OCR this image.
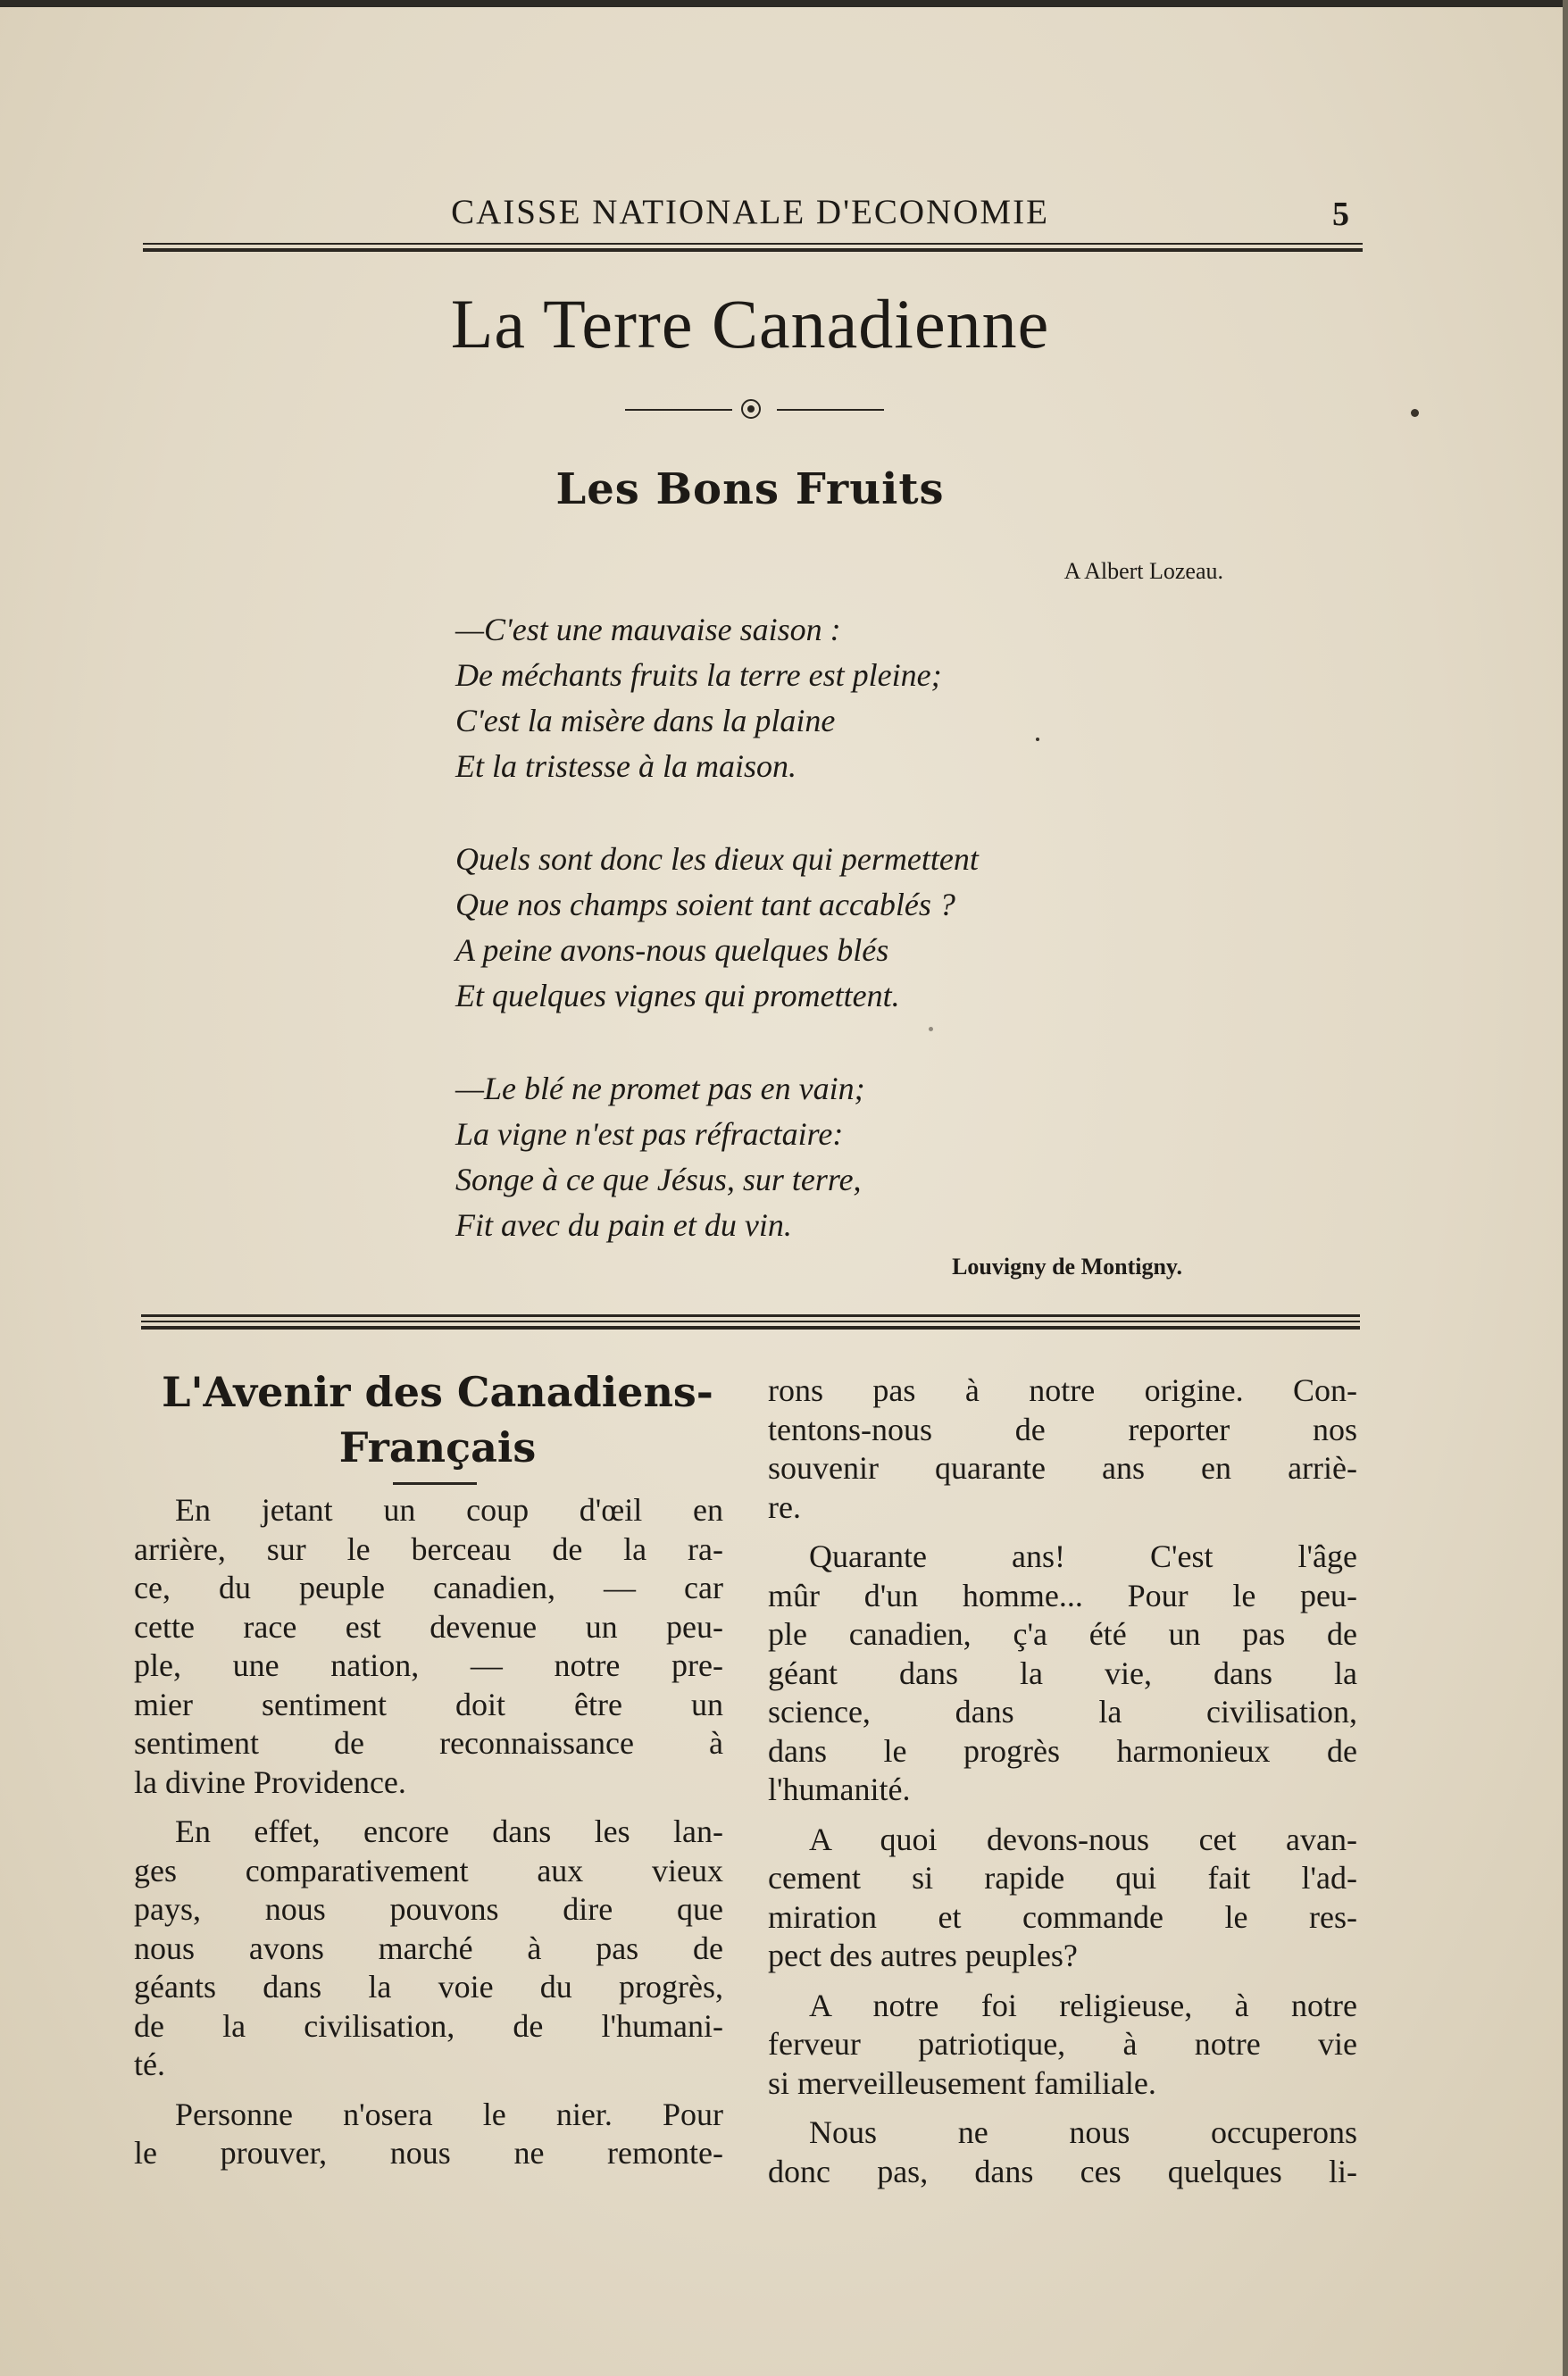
CAISSE NATIONALE D'ECONOMIE	5
La Terre Canadienne
Les Bons Fruits
A Albert Lozeau.
—C'est une mauvaise saison :
De méchants fruits la terre est pleine;
C'est la misère dans la plaine
Et la tristesse à la maison.
Quels sont donc les dieux qui permettent
Que nos champs soient tant accablés ?
A peine avons-nous quelques blés
Et quelques vignes qui promettent.
—Le blé ne promet pas en vain;
La vigne n'est pas réfractaire:
Songe à ce que Jésus, sur terre,
Fit avec du pain et du vin.
Louvigny de Montigny.
L'Avenir des Canadiens-
Français

En jetant un coup d'œil en
arrière, sur le berceau de la ra-
ce, du peuple canadien, — car
cette race est devenue un peu-
ple, une nation, — notre pre-
mier sentiment doit être un
sentiment de reconnaissance à
la divine Providence.

En effet, encore dans les lan-
ges comparativement aux vieux
pays, nous pouvons dire que
nous avons marché à pas de
géants dans la voie du progrès,
de la civilisation, de l'humani-
té.

Personne n'osera le nier. Pour
le prouver, nous ne remonte-

rons pas à notre origine. Con-
tentons-nous de reporter nos
souvenir quarante ans en arriè-
re.

Quarante ans! C'est l'âge
mûr d'un homme... Pour le peu-
ple canadien, ç'a été un pas de
géant dans la vie, dans la
science, dans la civilisation,
dans le progrès harmonieux de
l'humanité.

A quoi devons-nous cet avan-
cement si rapide qui fait l'ad-
miration et commande le res-
pect des autres peuples?

A notre foi religieuse, à notre
ferveur patriotique, à notre vie
si merveilleusement familiale.

Nous ne nous occuperons
donc pas, dans ces quelques li-
